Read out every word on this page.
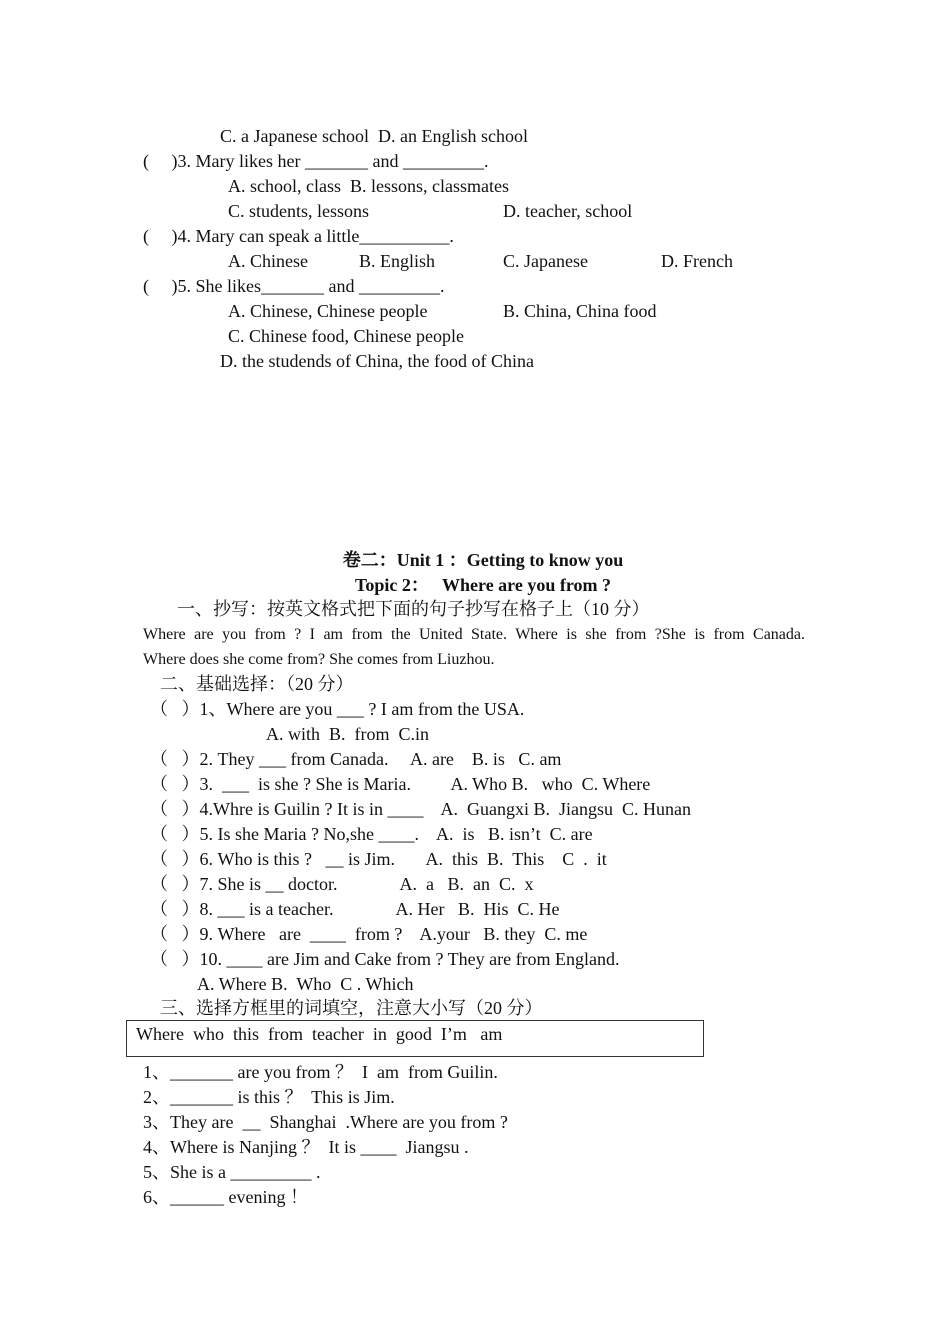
C. a Japanese school  D. an English school
(     )3. Mary likes her _______ and _________.
A. school, class  B. lessons, classmates
C. students, lessons	D. teacher, school
(     )4. Mary can speak a little__________.
A. Chinese	B. English	C. Japanese	D. French
(     )5. She likes_______ and _________.
A. Chinese, Chinese people	B. China, China food
C. Chinese food, Chinese people
D. the studends of China, the food of China
卷二：Unit 1 ：Getting to know you
Topic 2：   Where are you from ?
一、抄写：按英文格式把下面的句子抄写在格子上（10 分）
Where are you from ? I am from the United State. Where is she from ?She is from Canada.
Where does she come from? She comes from Liuzhou.
二、基础选择：（20 分）
（   ）1、Where are you ___ ? I am from the USA.
A. with  B.  from  C.in
（   ）2. They ___ from Canada.     A. are    B. is   C. am
（   ）3.  ___  is she ? She is Maria.         A. Who B.   who  C. Where
（   ）4.Whre is Guilin ? It is in ____    A.  Guangxi B.  Jiangsu  C. Hunan
（   ）5. Is she Maria ? No,she ____.    A.  is   B. isn’t  C. are
（   ）6. Who is this ?   __ is Jim.       A.  this  B.  This    C  .  it
（   ）7. She is __ doctor.              A.  a   B.  an  C.  x
（   ）8. ___ is a teacher.              A. Her   B.  His  C. He
（   ）9. Where   are  ____  from ?    A.your   B. they  C. me
（   ）10. ____ are Jim and Cake from ? They are from England.
A. Where B.  Who  C . Which
三、选择方框里的词填空，注意大小写（20 分）
Where  who  this  from  teacher  in  good  I’m   am
1、_______ are you from ？  I  am  from Guilin.
2、_______ is this ？  This is Jim.
3、They are  __  Shanghai  .Where are you from ?
4、Where is Nanjing ？  It is ____  Jiangsu .
5、She is a _________ .
6、______ evening ！
